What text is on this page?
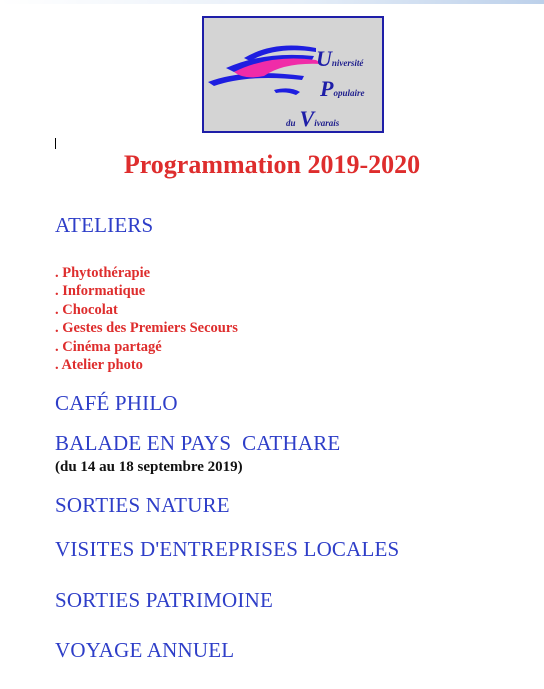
Université
Populaire
du Vivarais
Programmation 2019-2020
ATELIERS
. Phytothérapie
. Informatique
. Chocolat
. Gestes des Premiers Secours
. Cinéma partagé
. Atelier photo
CAFÉ PHILO
BALADE EN PAYS  CATHARE
(du 14 au 18 septembre 2019)
SORTIES NATURE
VISITES D'ENTREPRISES LOCALES
SORTIES PATRIMOINE
VOYAGE ANNUEL
